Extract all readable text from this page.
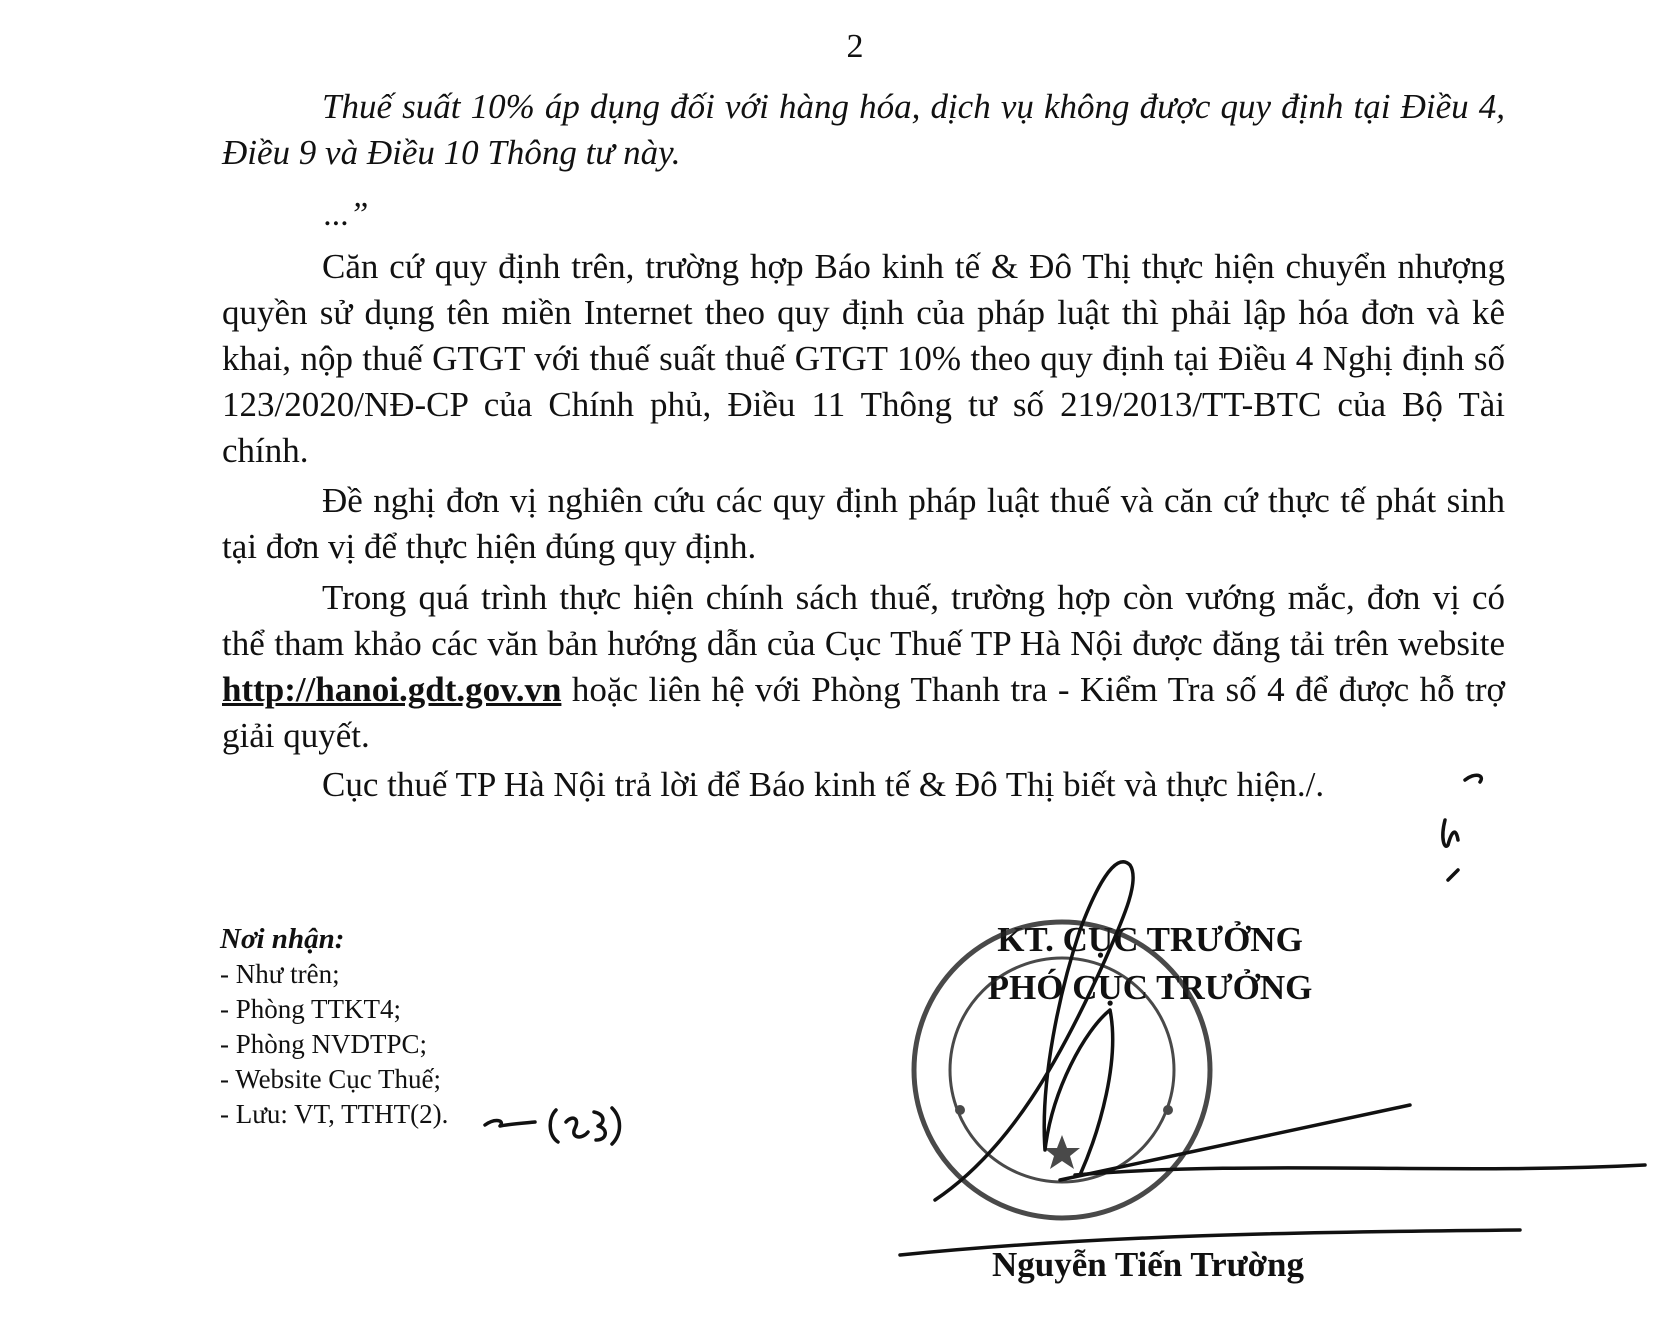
2

Thuế suất 10% áp dụng đối với hàng hóa, dịch vụ không được quy định tại Điều 4, Điều 9 và Điều 10 Thông tư này.

...”

Căn cứ quy định trên, trường hợp Báo kinh tế & Đô Thị thực hiện chuyển nhượng quyền sử dụng tên miền Internet theo quy định của pháp luật thì phải lập hóa đơn và kê khai, nộp thuế GTGT với thuế suất thuế GTGT 10% theo quy định tại Điều 4 Nghị định số 123/2020/NĐ-CP của Chính phủ, Điều 11 Thông tư số 219/2013/TT-BTC của Bộ Tài chính.

Đề nghị đơn vị nghiên cứu các quy định pháp luật thuế và căn cứ thực tế phát sinh tại đơn vị để thực hiện đúng quy định.

Trong quá trình thực hiện chính sách thuế, trường hợp còn vướng mắc, đơn vị có thể tham khảo các văn bản hướng dẫn của Cục Thuế TP Hà Nội được đăng tải trên website http://hanoi.gdt.gov.vn hoặc liên hệ với Phòng Thanh tra - Kiểm Tra số 4 để được hỗ trợ giải quyết.

Cục thuế TP Hà Nội trả lời để Báo kinh tế & Đô Thị biết và thực hiện./.

Nơi nhận:
- Như trên;
- Phòng TTKT4;
- Phòng NVDTPC;
- Website Cục Thuế;
- Lưu: VT, TTHT(2).
KT. CỤC TRƯỞNG
PHÓ CỤC TRƯỞNG
Nguyễn Tiến Trường
